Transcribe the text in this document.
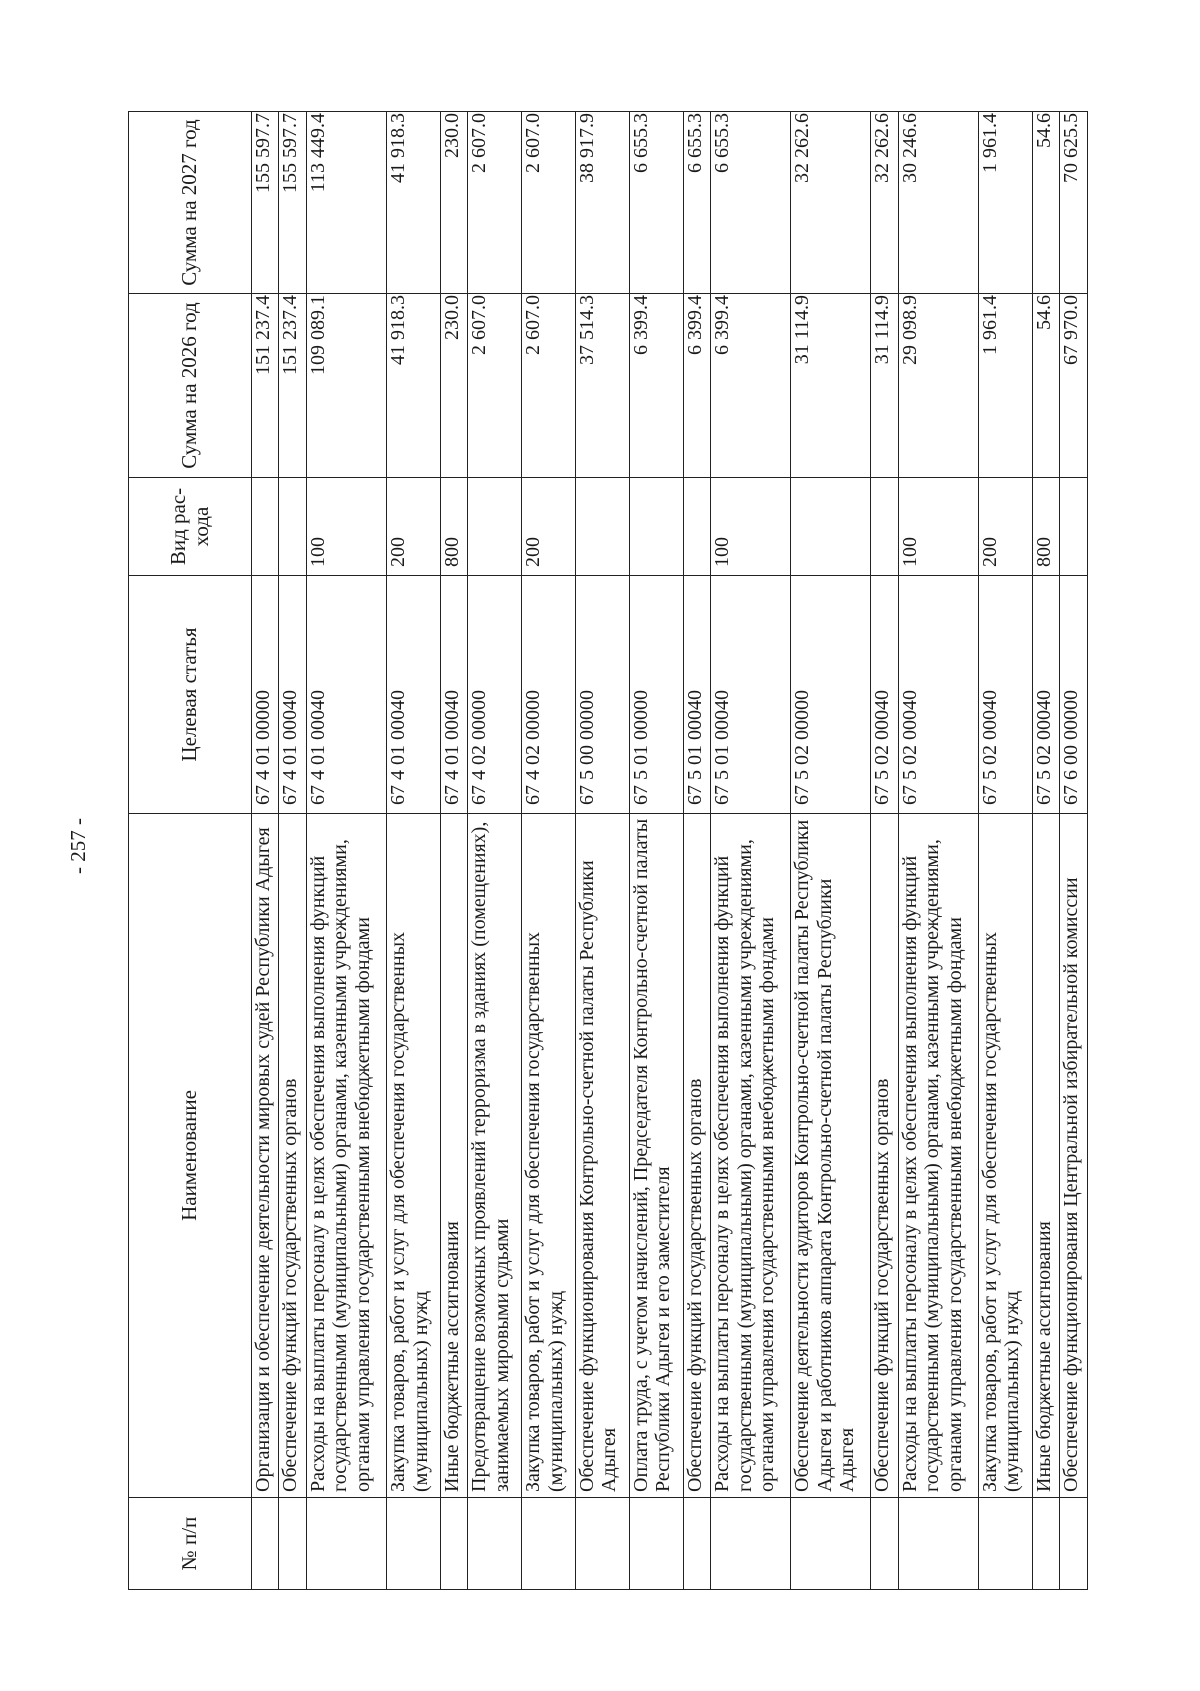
- 257 -
№ п/п	Наименование	Целевая статья	Вид рас- хода	Сумма на 2026 год	Сумма на 2027 год
	Организация и обеспечение деятельности мировых судей Республики Адыгея	67 4 01 00000		151 237.4	155 597.7
	Обеспечение функций государственных органов	67 4 01 00040		151 237.4	155 597.7
	Расходы на выплаты персоналу в целях обеспечения выполнения функций государственными (муниципальными) органами, казенными учреждениями, органами управления государственными внебюджетными фондами	67 4 01 00040	100	109 089.1	113 449.4
	Закупка товаров, работ и услуг для обеспечения государственных (муниципальных) нужд	67 4 01 00040	200	41 918.3	41 918.3
	Иные бюджетные ассигнования	67 4 01 00040	800	230.0	230.0
	Предотвращение возможных проявлений терроризма в зданиях (помещениях), занимаемых мировыми судьями	67 4 02 00000		2 607.0	2 607.0
	Закупка товаров, работ и услуг для обеспечения государственных (муниципальных) нужд	67 4 02 00000	200	2 607.0	2 607.0
	Обеспечение функционирования Контрольно-счетной палаты Республики Адыгея	67 5 00 00000		37 514.3	38 917.9
	Оплата труда, с учетом начислений, Председателя Контрольно-счетной палаты Республики Адыгея и его заместителя	67 5 01 00000		6 399.4	6 655.3
	Обеспечение функций государственных органов	67 5 01 00040		6 399.4	6 655.3
	Расходы на выплаты персоналу в целях обеспечения выполнения функций государственными (муниципальными) органами, казенными учреждениями, органами управления государственными внебюджетными фондами	67 5 01 00040	100	6 399.4	6 655.3
	Обеспечение деятельности аудиторов Контрольно-счетной палаты Республики Адыгея и работников аппарата Контрольно-счетной палаты Республики Адыгея	67 5 02 00000		31 114.9	32 262.6
	Обеспечение функций государственных органов	67 5 02 00040		31 114.9	32 262.6
	Расходы на выплаты персоналу в целях обеспечения выполнения функций государственными (муниципальными) органами, казенными учреждениями, органами управления государственными внебюджетными фондами	67 5 02 00040	100	29 098.9	30 246.6
	Закупка товаров, работ и услуг для обеспечения государственных (муниципальных) нужд	67 5 02 00040	200	1 961.4	1 961.4
	Иные бюджетные ассигнования	67 5 02 00040	800	54.6	54.6
	Обеспечение функционирования Центральной избирательной комиссии	67 6 00 00000		67 970.0	70 625.5
